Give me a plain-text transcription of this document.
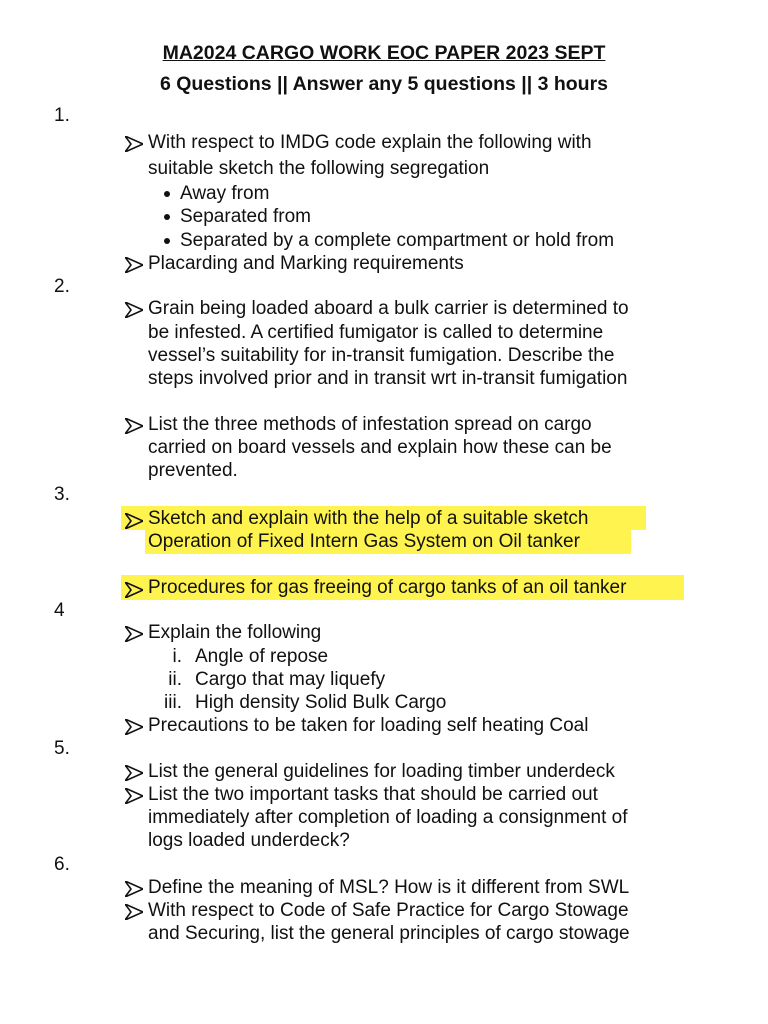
MA2024 CARGO WORK EOC PAPER 2023 SEPT
6 Questions || Answer any 5 questions || 3 hours
1.
With respect to IMDG code explain the following with
suitable sketch the following segregation
Away from
Separated from
Separated by a complete compartment or hold from
Placarding and Marking requirements
2.
Grain being loaded aboard a bulk carrier is determined to
be infested. A certified fumigator is called to determine
vessel’s suitability for in-transit fumigation. Describe the
steps involved prior and in transit wrt in-transit fumigation
List the three methods of infestation spread on cargo
carried on board vessels and explain how these can be
prevented.
3.
Sketch and explain with the help of a suitable sketch
Operation of Fixed Intern Gas System on Oil tanker
Procedures for gas freeing of cargo tanks of an oil tanker
4
Explain the following
i. Angle of repose
ii. Cargo that may liquefy
iii. High density Solid Bulk Cargo
Precautions to be taken for loading self heating Coal
5.
List the general guidelines for loading timber underdeck
List the two important tasks that should be carried out
immediately after completion of loading a consignment of
logs loaded underdeck?
6.
Define the meaning of MSL? How is it different from SWL
With respect to Code of Safe Practice for Cargo Stowage
and Securing, list the general principles of cargo stowage
